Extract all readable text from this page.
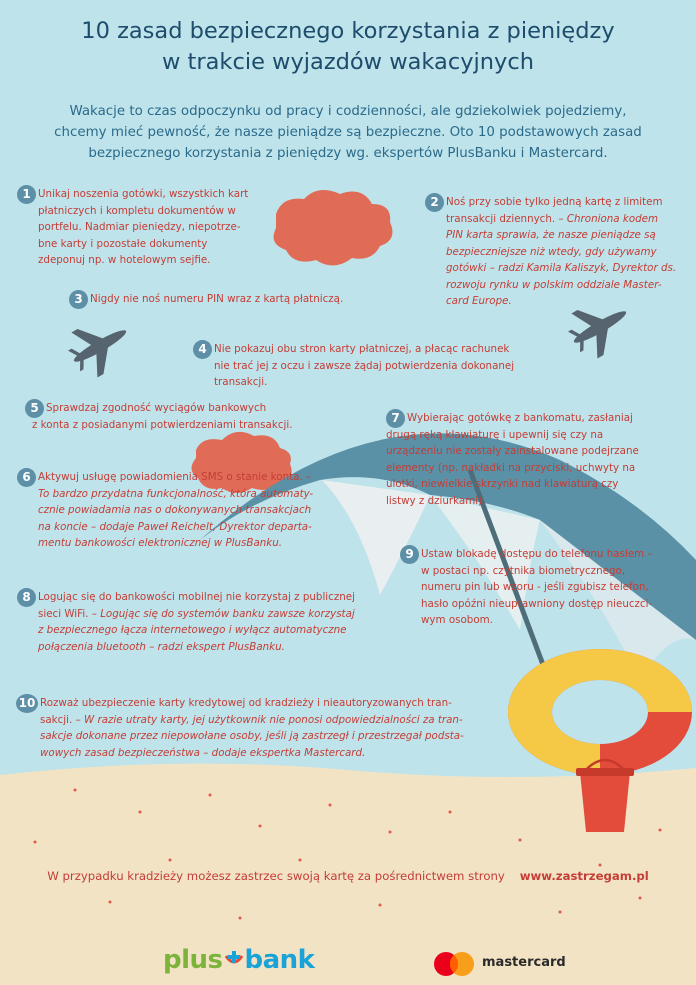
10 zasad bezpiecznego korzystania z pieniędzy
w trakcie wyjazdów wakacyjnych
Wakacje to czas odpoczynku od pracy i codzienności, ale gdziekolwiek pojedziemy,
chcemy mieć pewność, że nasze pieniądze są bezpieczne. Oto 10 podstawowych zasad
bezpiecznego korzystania z pieniędzy wg. ekspertów PlusBanku i Mastercard.
1 Unikaj noszenia gotówki, wszystkich kart
płatniczych i kompletu dokumentów w
portfelu. Nadmiar pieniędzy, niepotrze-
bne karty i pozostałe dokumenty
zdeponuj np. w hotelowym sejfie.
2 Noś przy sobie tylko jedną kartę z limitem
transakcji dziennych. – Chroniona kodem
PIN karta sprawia, że nasze pieniądze są
bezpieczniejsze niż wtedy, gdy używamy
gotówki – radzi Kamila Kaliszyk, Dyrektor ds.
rozwoju rynku w polskim oddziale Master-
card Europe.
3 Nigdy nie noś numeru PIN wraz z kartą płatniczą.
4 Nie pokazuj obu stron karty płatniczej, a płacąc rachunek
nie trać jej z oczu i zawsze żądaj potwierdzenia dokonanej
transakcji.
5 Sprawdzaj zgodność wyciągów bankowych
z konta z posiadanymi potwierdzeniami transakcji.
6 Aktywuj usługę powiadomienia SMS o stanie konta. –
To bardzo przydatna funkcjonalność, która automaty-
cznie powiadamia nas o dokonywanych transakcjach
na koncie – dodaje Paweł Reichelt, Dyrektor departa-
mentu bankowości elektronicznej w PlusBanku.
7 Wybierając gotówkę z bankomatu, zasłaniaj
drugą ręką klawiaturę i upewnij się czy na
urządzeniu nie zostały zainstalowane podejrzane
elementy (np. nakładki na przyciski, uchwyty na
ulotki, niewielkie skrzynki nad klawiaturą czy
listwy z dziurkami).
8 Logując się do bankowości mobilnej nie korzystaj z publicznej
sieci WiFi. – Logując się do systemów banku zawsze korzystaj
z bezpiecznego łącza internetowego i wyłącz automatyczne
połączenia bluetooth – radzi ekspert PlusBanku.
9 Ustaw blokadę dostępu do telefonu hasłem –
w postaci np. czytnika biometrycznego,
numeru pin lub wzoru - jeśli zgubisz telefon,
hasło opóźni nieuprawniony dostęp nieuczci-
wym osobom.
10 Rozważ ubezpieczenie karty kredytowej od kradzieży i nieautoryzowanych tran-
sakcji. – W razie utraty karty, jej użytkownik nie ponosi odpowiedzialności za tran-
sakcje dokonane przez niepowołane osoby, jeśli ją zastrzegł i przestrzegał podsta-
wowych zasad bezpieczeństwa – dodaje ekspertka Mastercard.
W przypadku kradzieży możesz zastrzec swoją kartę za pośrednictwem strony www.zastrzegam.pl
plus bank	mastercard
